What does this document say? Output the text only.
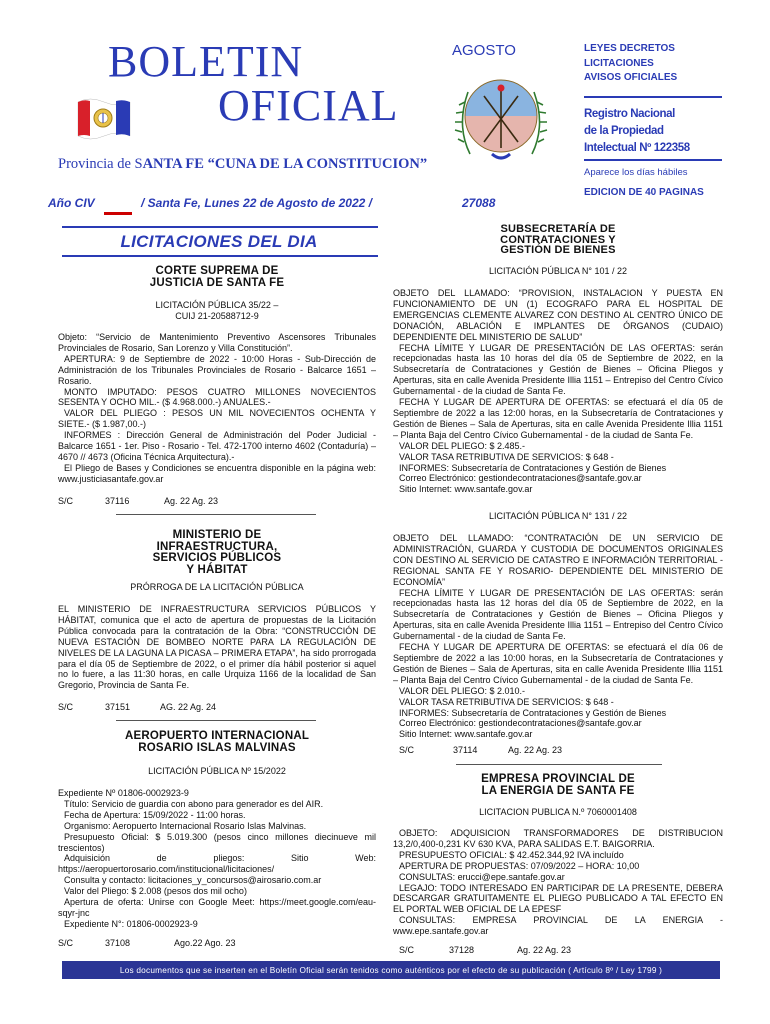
BOLETIN
OFICIAL
Provincia de SANTA FE “CUNA DE LA CONSTITUCION”
AGOSTO	LEYES DECRETOS
LICITACIONES
AVISOS OFICIALES
Registro Nacional
de la Propiedad
Intelectual Nº 122358
Aparece los días hábiles
EDICION DE 40 PAGINAS
Año CIV	/ Santa Fe, Lunes 22 de Agosto de 2022 /	27088
LICITACIONES DEL DIA
CORTE SUPREMA DE
JUSTICIA DE SANTA FE
LICITACIÓN PÚBLICA 35/22 –
CUIJ 21-20588712-9

Objeto: “Servicio de Mantenimiento Preventivo Ascensores Tribunales Provinciales de Rosario, San Lorenzo y Villa Constitución”.

APERTURA: 9 de Septiembre de 2022 - 10:00 Horas - Sub-Dirección de Administración de los Tribunales Provinciales de Rosario - Balcarce 1651 – Rosario.

MONTO IMPUTADO: PESOS CUATRO MILLONES NOVECIENTOS SESENTA Y OCHO MIL.- ($ 4.968.000.-) ANUALES.-

VALOR DEL PLIEGO : PESOS UN MIL NOVECIENTOS OCHENTA Y SIETE.- ($ 1.987,00.-)

INFORMES : Dirección General de Administración del Poder Judicial - Balcarce 1651 - 1er. Piso - Rosario - Tel. 472-1700 interno 4602 (Contaduría) – 4670 // 4673 (Oficina Técnica Arquitectura).-

El Pliego de Bases y Condiciones se encuentra disponible en la página web: www.justiciasantafe.gov.ar

S/C	37116	Ag. 22 Ag. 23
MINISTERIO DE
INFRAESTRUCTURA,
SERVICIOS PÚBLICOS
Y HÁBITAT
PRÓRROGA DE LA LICITACIÓN PÚBLICA

EL MINISTERIO DE INFRAESTRUCTURA SERVICIOS PÚBLICOS Y HÁBITAT, comunica que el acto de apertura de propuestas de la Licitación Pública convocada para la contratación de la Obra: “CONSTRUCCIÓN DE NUEVA ESTACIÓN DE BOMBEO NORTE PARA LA REGULACIÓN DE NIVELES DE LA LAGUNA LA PICASA – PRIMERA ETAPA”, ha sido prorrogada para el día 05 de Septiembre de 2022, o el primer día hábil posterior si aquel no lo fuere, a las 11:30 horas, en calle Urquiza 1166 de la localidad de San Gregorio, Provincia de Santa Fe.

S/C	37151	AG. 22 Ag. 24
AEROPUERTO INTERNACIONAL
ROSARIO ISLAS MALVINAS
LICITACIÓN PÚBLICA Nº 15/2022

Expediente Nº 01806-0002923-9

Título: Servicio de guardia con abono para generador es del AIR.

Fecha de Apertura: 15/09/2022 - 11:00 horas.

Organismo: Aeropuerto Internacional Rosario Islas Malvinas.

Presupuesto Oficial: $ 5.019.300 (pesos cinco millones diecinueve mil trescientos)

Adquisición de pliegos: Sitio Web: https://aeropuertorosario.com/institucional/licitaciones/

Consulta y contacto: licitaciones_y_concursos@airosario.com.ar

Valor del Pliego: $ 2.008 (pesos dos mil ocho)

Apertura de oferta: Unirse con Google Meet: https://meet.google.com/eau-sqyr-jnc

Expediente N°: 01806-0002923-9

S/C	37108	Ago.22 Ago. 23
SUBSECRETARÍA DE
CONTRATACIONES Y
GESTIÓN DE BIENES
LICITACIÓN PÚBLICA N° 101 / 22

OBJETO DEL LLAMADO: “PROVISION, INSTALACION Y PUESTA EN FUNCIONAMIENTO DE UN (1) ECOGRAFO PARA EL HOSPITAL DE EMERGENCIAS CLEMENTE ALVAREZ CON DESTINO AL CENTRO ÚNICO DE DONACIÓN, ABLACIÓN E IMPLANTES DE ÓRGANOS (CUDAIO) DEPENDIENTE DEL MINISTERIO DE SALUD”

FECHA LÍMITE Y LUGAR DE PRESENTACIÓN DE LAS OFERTAS: serán recepcionadas hasta las 10 horas del día 05 de Septiembre de 2022, en la Subsecretaría de Contrataciones y Gestión de Bienes – Oficina Pliegos y Aperturas, sita en calle Avenida Presidente Illia 1151 – Entrepiso del Centro Cívico Gubernamental - de la ciudad de Santa Fe.

FECHA Y LUGAR DE APERTURA DE OFERTAS: se efectuará el día 05 de Septiembre de 2022 a las 12:00 horas, en la Subsecretaría de Contrataciones y Gestión de Bienes – Sala de Aperturas, sita en calle Avenida Presidente Illia 1151 – Planta Baja del Centro Cívico Gubernamental - de la ciudad de Santa Fe.

VALOR DEL PLIEGO: $ 2.485.-

VALOR TASA RETRIBUTIVA DE SERVICIOS: $ 648 -

INFORMES: Subsecretaría de Contrataciones y Gestión de Bienes

Correo Electrónico: gestiondecontrataciones@santafe.gov.ar

Sitio Internet: www.santafe.gov.ar

LICITACIÓN PÚBLICA N° 131 / 22

OBJETO DEL LLAMADO: “CONTRATACIÓN DE UN SERVICIO DE ADMINISTRACIÓN, GUARDA Y CUSTODIA DE DOCUMENTOS ORIGINALES CON DESTINO AL SERVICIO DE CATASTRO E INFORMACIÓN TERRITORIAL -REGIONAL SANTA FE Y ROSARIO- DEPENDIENTE DEL MINISTERIO DE ECONOMÍA”

FECHA LÍMITE Y LUGAR DE PRESENTACIÓN DE LAS OFERTAS: serán recepcionadas hasta las 12 horas del día 05 de Septiembre de 2022, en la Subsecretaría de Contrataciones y Gestión de Bienes – Oficina Pliegos y Aperturas, sita en calle Avenida Presidente Illia 1151 – Entrepiso del Centro Cívico Gubernamental - de la ciudad de Santa Fe.

FECHA Y LUGAR DE APERTURA DE OFERTAS: se efectuará el día 06 de Septiembre de 2022 a las 10:00 horas, en la Subsecretaría de Contrataciones y Gestión de Bienes – Sala de Aperturas, sita en calle Avenida Presidente Illia 1151 – Planta Baja del Centro Cívico Gubernamental - de la ciudad de Santa Fe.

VALOR DEL PLIEGO: $ 2.010.-

VALOR TASA RETRIBUTIVA DE SERVICIOS: $ 648 -

INFORMES: Subsecretaría de Contrataciones y Gestión de Bienes

Correo Electrónico: gestiondecontrataciones@santafe.gov.ar

Sitio Internet: www.santafe.gov.ar

S/C	37114	Ag. 22 Ag. 23
EMPRESA PROVINCIAL DE
LA ENERGIA DE SANTA FE
LICITACION PUBLICA N.º 7060001408

OBJETO: ADQUISICION TRANSFORMADORES DE DISTRIBUCION 13,2/0,400-0,231 KV 630 KVA, PARA SALIDAS E.T. BAIGORRIA.

PRESUPUESTO OFICIAL: $ 42.452.344,92 IVA incluído

APERTURA DE PROPUESTAS: 07/09/2022 – HORA: 10,00

CONSULTAS: erucci@epe.santafe.gov.ar

LEGAJO: TODO INTERESADO EN PARTICIPAR DE LA PRESENTE, DEBERA DESCARGAR GRATUITAMENTE EL PLIEGO PUBLICADO A TAL EFECTO EN EL PORTAL WEB OFICIAL DE LA EPESF

CONSULTAS: EMPRESA PROVINCIAL DE LA ENERGIA - www.epe.santafe.gov.ar

S/C	37128	Ag. 22 Ag. 23
Los documentos que se inserten en el Boletín Oficial serán tenidos como auténticos por el efecto de su publicación ( Artículo 8º / Ley 1799 )
